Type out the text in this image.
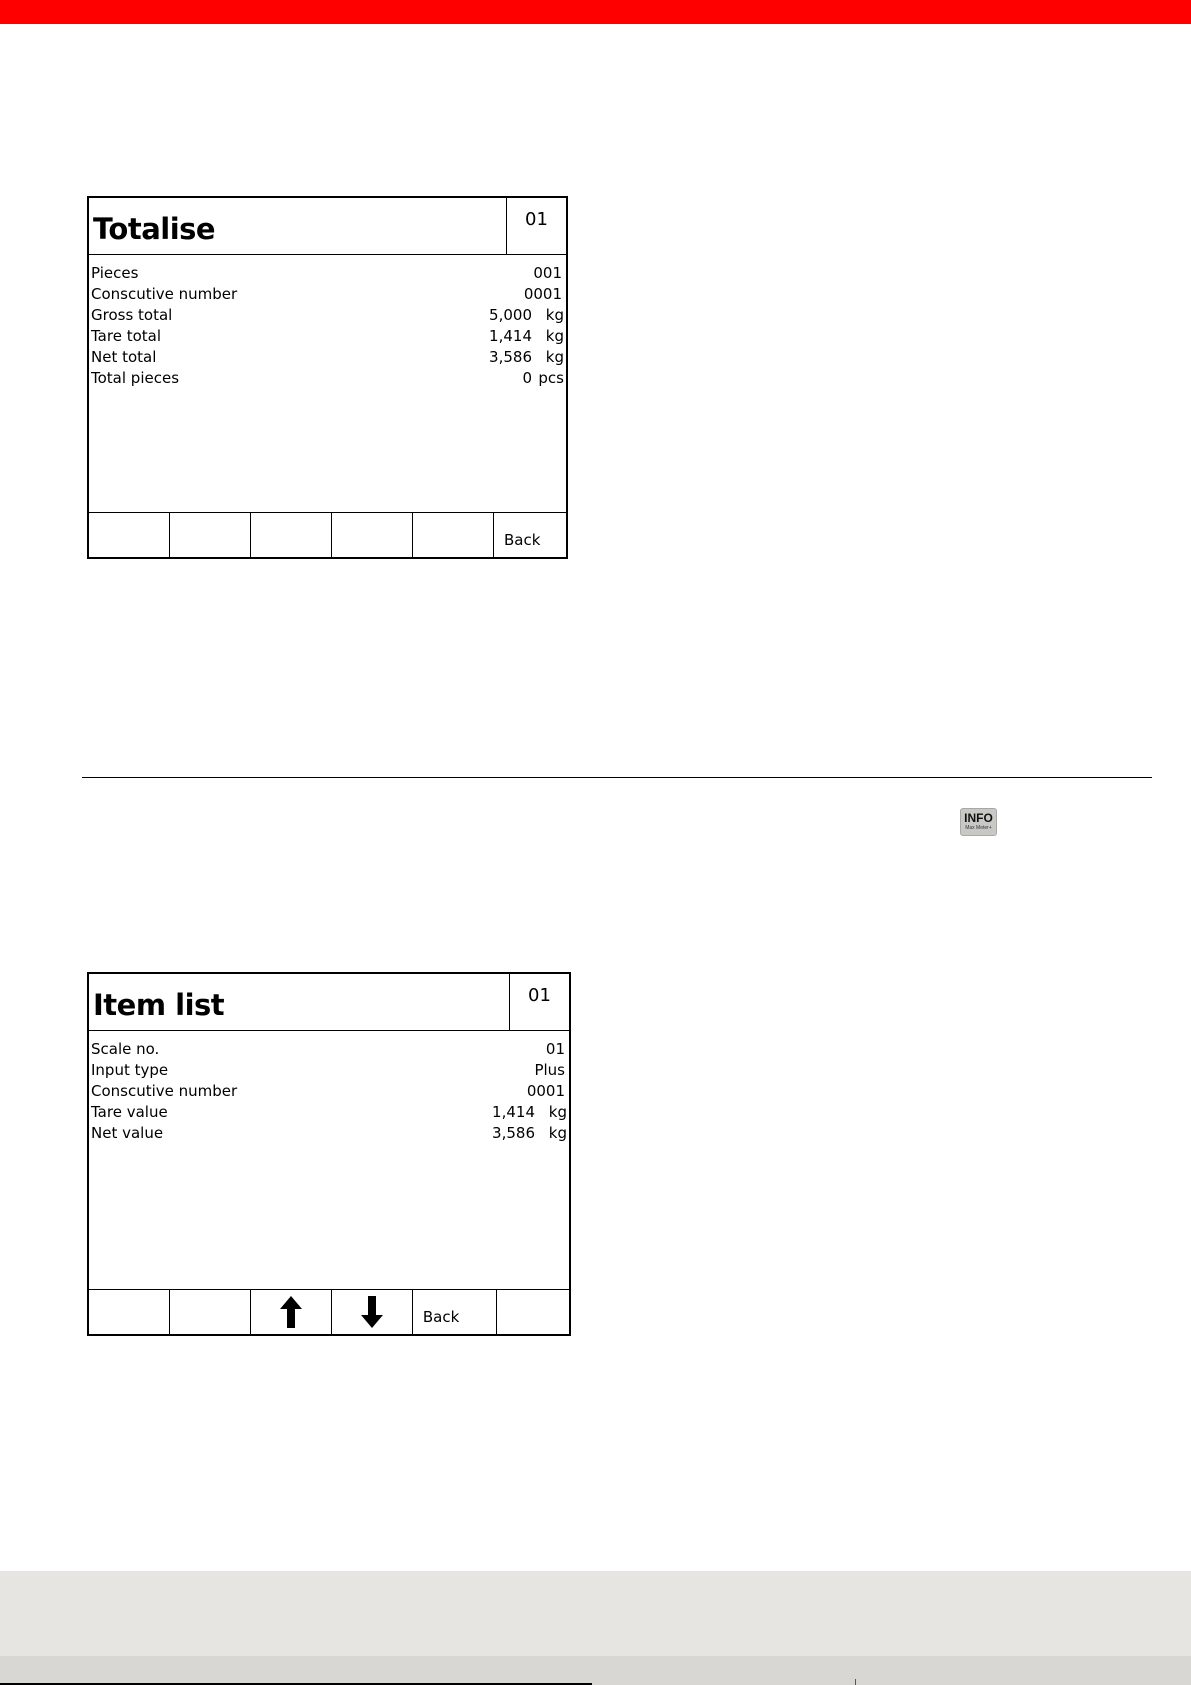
Totalise	01
Pieces	001
Conscutive number	0001
Gross total	5,000 kg
Tare total	1,414 kg
Net total	3,586 kg
Total pieces	0 pcs
Back
INFO
Max Meter+
Item list	01
Scale no.	01
Input type	Plus
Conscutive number	0001
Tare value	1,414 kg
Net value	3,586 kg
Back
